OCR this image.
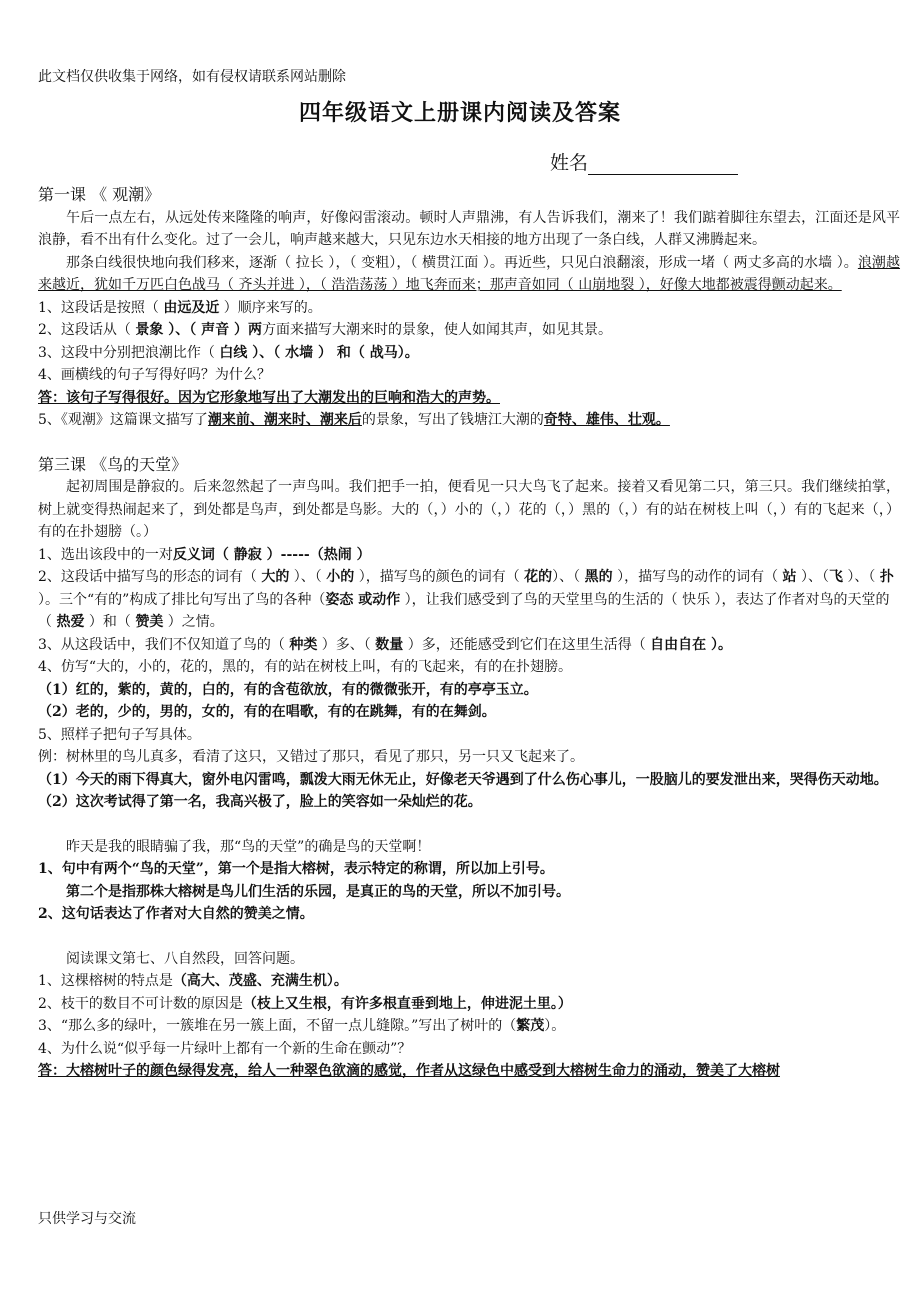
此文档仅供收集于网络，如有侵权请联系网站删除
四年级语文上册课内阅读及答案
姓名

第一课 《 观潮》

午后一点左右，从远处传来隆隆的响声，好像闷雷滚动。顿时人声鼎沸，有人告诉我们，潮来了！我们踮着脚往东望去，江面还是风平浪静，看不出有什么变化。过了一会儿，响声越来越大，只见东边水天相接的地方出现了一条白线，人群又沸腾起来。

那条白线很快地向我们移来，逐渐（ 拉长 ），（ 变粗），（ 横贯江面 ）。再近些，只见白浪翻滚，形成一堵（ 两丈多高的水墙 ）。浪潮越来越近，犹如千万匹白色战马（ 齐头并进 ），（ 浩浩荡荡 ）地飞奔而来；那声音如同（ 山崩地裂 ），好像大地都被震得颤动起来。

1、这段话是按照（ 由远及近 ）顺序来写的。

2、这段话从（ 景象 ）、（ 声音 ）两方面来描写大潮来时的景象，使人如闻其声，如见其景。

3、这段中分别把浪潮比作（ 白线 ）、（ 水墙 ） 和（ 战马）。

4、画横线的句子写得好吗？为什么？

答：该句子写得很好。因为它形象地写出了大潮发出的巨响和浩大的声势。

5、《观潮》这篇课文描写了潮来前、潮来时、潮来后的景象，写出了钱塘江大潮的奇特、雄伟、壮观。

第三课 《鸟的天堂》

起初周围是静寂的。后来忽然起了一声鸟叫。我们把手一拍，便看见一只大鸟飞了起来。接着又看见第二只，第三只。我们继续拍掌，树上就变得热闹起来了，到处都是鸟声，到处都是鸟影。大的（，）小的（，）花的（，）黑的（，）有的站在树枝上叫（，）有的飞起来（，）有的在扑翅膀（。）

1、选出该段中的一对反义词（ 静寂 ）-----（热闹 ）

2、这段话中描写鸟的形态的词有（ 大的 ）、（ 小的 ），描写鸟的颜色的词有（ 花的）、（ 黑的 ），描写鸟的动作的词有（ 站 ）、（飞 ）、（ 扑 ）。三个“有的”构成了排比句写出了鸟的各种（姿态 或动作 ），让我们感受到了鸟的天堂里鸟的生活的（ 快乐 ），表达了作者对鸟的天堂的（ 热爱 ）和（ 赞美 ）之情。

3、从这段话中，我们不仅知道了鸟的（ 种类 ）多、（ 数量 ）多，还能感受到它们在这里生活得（ 自由自在 ）。

4、仿写“大的，小的，花的，黑的，有的站在树枝上叫，有的飞起来，有的在扑翅膀。

（1）红的，紫的，黄的，白的，有的含苞欲放，有的微微张开，有的亭亭玉立。

（2）老的，少的，男的，女的，有的在唱歌，有的在跳舞，有的在舞剑。

5、照样子把句子写具体。

例：树林里的鸟儿真多，看清了这只，又错过了那只，看见了那只，另一只又飞起来了。

（1）今天的雨下得真大，窗外电闪雷鸣，瓢泼大雨无休无止，好像老天爷遇到了什么伤心事儿，一股脑儿的要发泄出来，哭得伤天动地。

（2）这次考试得了第一名，我高兴极了，脸上的笑容如一朵灿烂的花。

昨天是我的眼睛骗了我，那“鸟的天堂”的确是鸟的天堂啊！

1、句中有两个“鸟的天堂”，第一个是指大榕树，表示特定的称谓，所以加上引号。

第二个是指那株大榕树是鸟儿们生活的乐园，是真正的鸟的天堂，所以不加引号。

2、这句话表达了作者对大自然的赞美之情。

阅读课文第七、八自然段，回答问题。

1、这棵榕树的特点是（高大、茂盛、充满生机）。

2、枝干的数目不可计数的原因是（枝上又生根，有许多根直垂到地上，伸进泥土里。）

3、“那么多的绿叶，一簇堆在另一簇上面，不留一点儿缝隙。”写出了树叶的（繁茂）。

4、为什么说“似乎每一片绿叶上都有一个新的生命在颤动”？

答：大榕树叶子的颜色绿得发亮，给人一种翠色欲滴的感觉，作者从这绿色中感受到大榕树生命力的涌动，赞美了大榕树

只供学习与交流
